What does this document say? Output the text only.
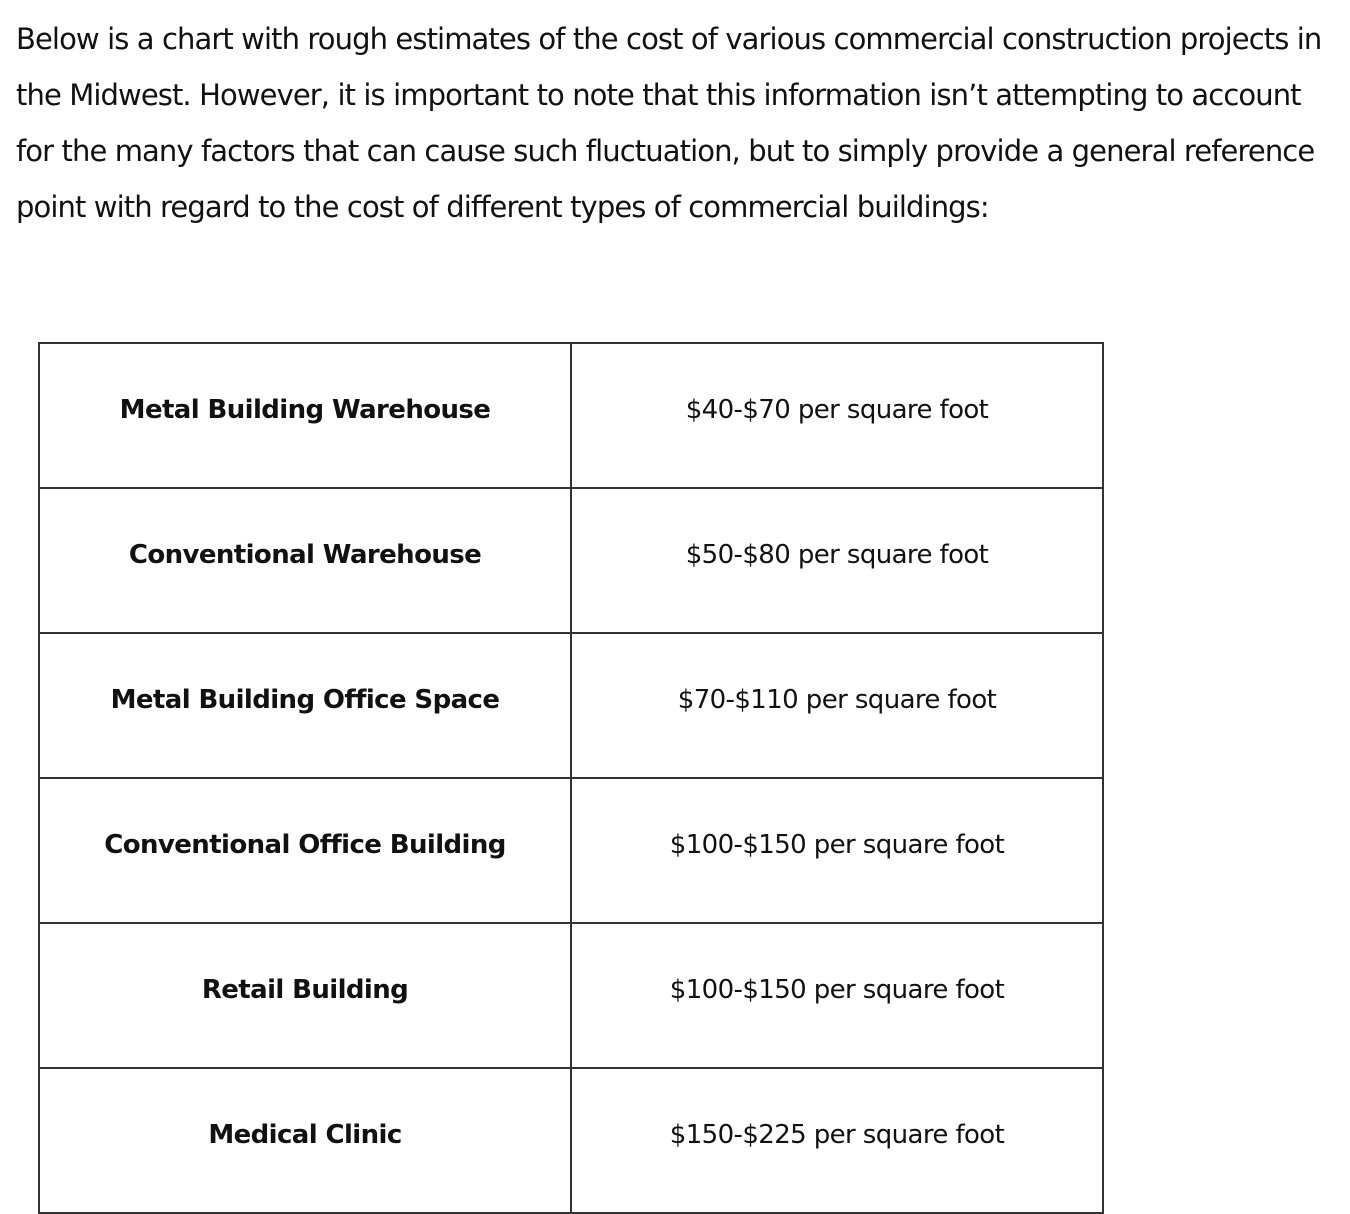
Below is a chart with rough estimates of the cost of various commercial construction projects in the Midwest. However, it is important to note that this information isn’t attempting to account for the many factors that can cause such fluctuation, but to simply provide a general reference point with regard to the cost of different types of commercial buildings:

Metal Building Warehouse	$40-$70 per square foot
Conventional Warehouse	$50-$80 per square foot
Metal Building Office Space	$70-$110 per square foot
Conventional Office Building	$100-$150 per square foot
Retail Building	$100-$150 per square foot
Medical Clinic	$150-$225 per square foot
